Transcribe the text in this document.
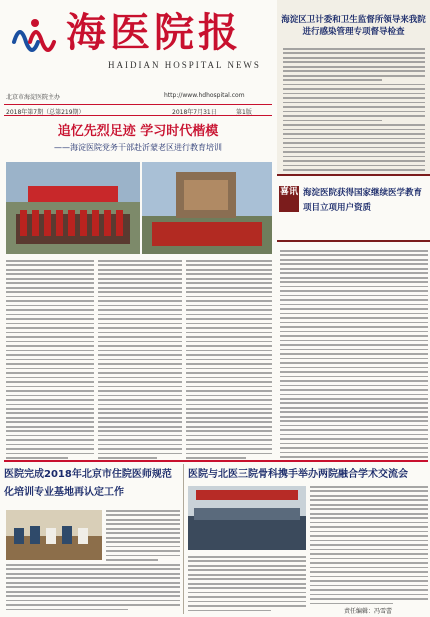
海医院报
HAIDIAN HOSPITAL NEWS
北京市海淀医院主办	http://www.hdhospital.com
2018年第7期（总第219期）	2018年7月31日	第1版
海淀区卫计委和卫生监督所领导来我院进行感染管理专项督导检查
追忆先烈足迹 学习时代楷模
——海淀医院党务干部赴沂蒙老区进行教育培训
喜讯 海淀医院获得国家继续医学教育项目立项用户资质
医院完成2018年北京市住院医师规范化培训专业基地再认定工作
医院与北医三院骨科携手举办两院融合学术交流会
责任编辑：冯雪蕾
